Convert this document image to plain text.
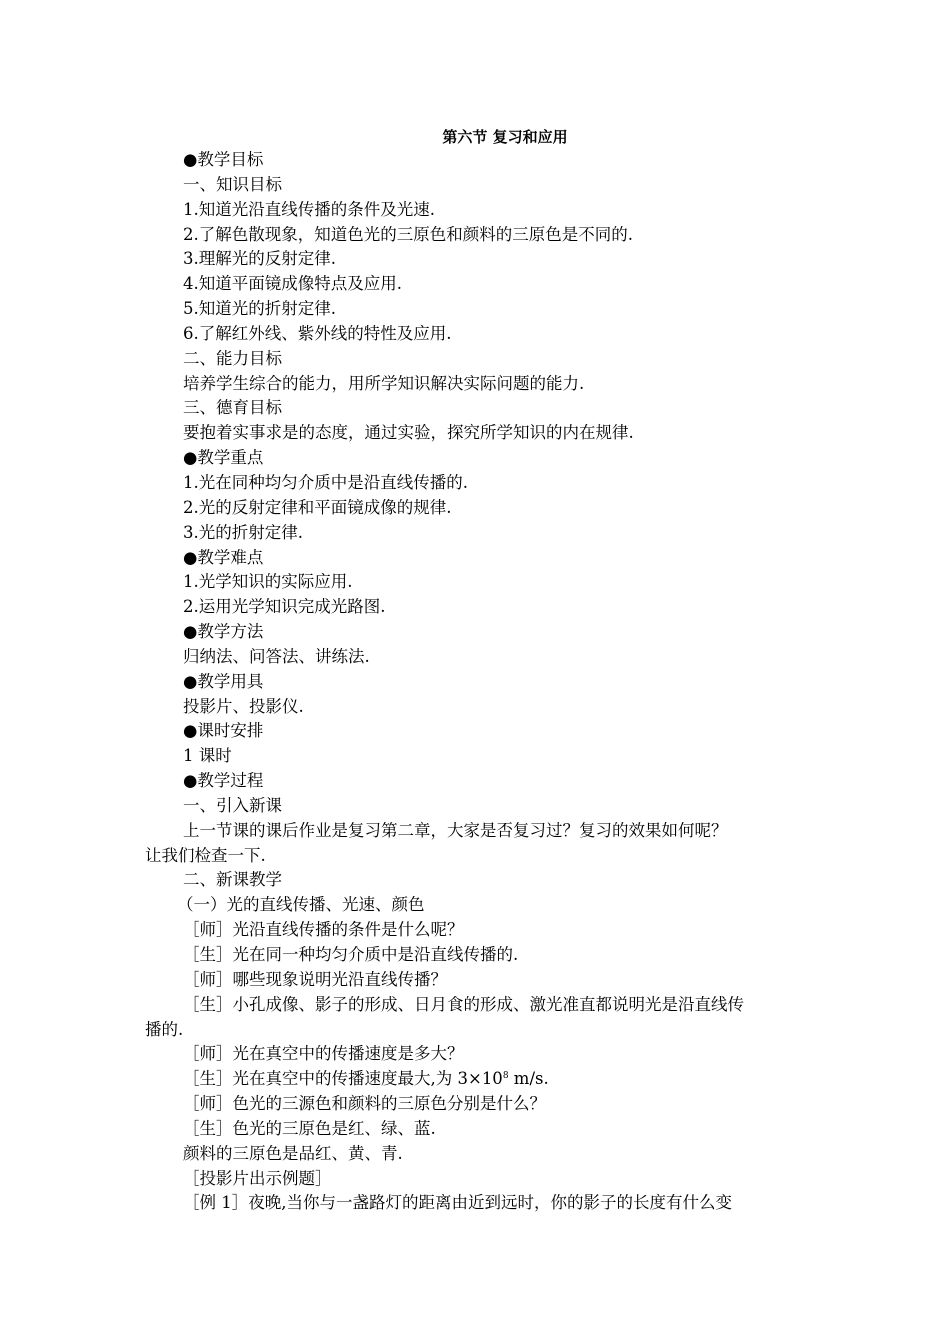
第六节 复习和应用
●教学目标
一、知识目标
1.知道光沿直线传播的条件及光速.
2.了解色散现象，知道色光的三原色和颜料的三原色是不同的.
3.理解光的反射定律.
4.知道平面镜成像特点及应用.
5.知道光的折射定律.
6.了解红外线、紫外线的特性及应用.
二、能力目标
培养学生综合的能力，用所学知识解决实际问题的能力.
三、德育目标
要抱着实事求是的态度，通过实验，探究所学知识的内在规律.
●教学重点
1.光在同种均匀介质中是沿直线传播的.
2.光的反射定律和平面镜成像的规律.
3.光的折射定律.
●教学难点
1.光学知识的实际应用.
2.运用光学知识完成光路图.
●教学方法
归纳法、问答法、讲练法.
●教学用具
投影片、投影仪.
●课时安排
1 课时
●教学过程
一、引入新课
上一节课的课后作业是复习第二章，大家是否复习过？复习的效果如何呢？
让我们检查一下.
二、新课教学
（一）光的直线传播、光速、颜色
［师］光沿直线传播的条件是什么呢？
［生］光在同一种均匀介质中是沿直线传播的.
［师］哪些现象说明光沿直线传播？
［生］小孔成像、影子的形成、日月食的形成、激光准直都说明光是沿直线传
播的.
［师］光在真空中的传播速度是多大？
［生］光在真空中的传播速度最大,为 $3\times 10^8$ m/s.
［师］色光的三源色和颜料的三原色分别是什么？
［生］色光的三原色是红、绿、蓝.
颜料的三原色是品红、黄、青.
［投影片出示例题］
［例 1］夜晚,当你与一盏路灯的距离由近到远时，你的影子的长度有什么变
